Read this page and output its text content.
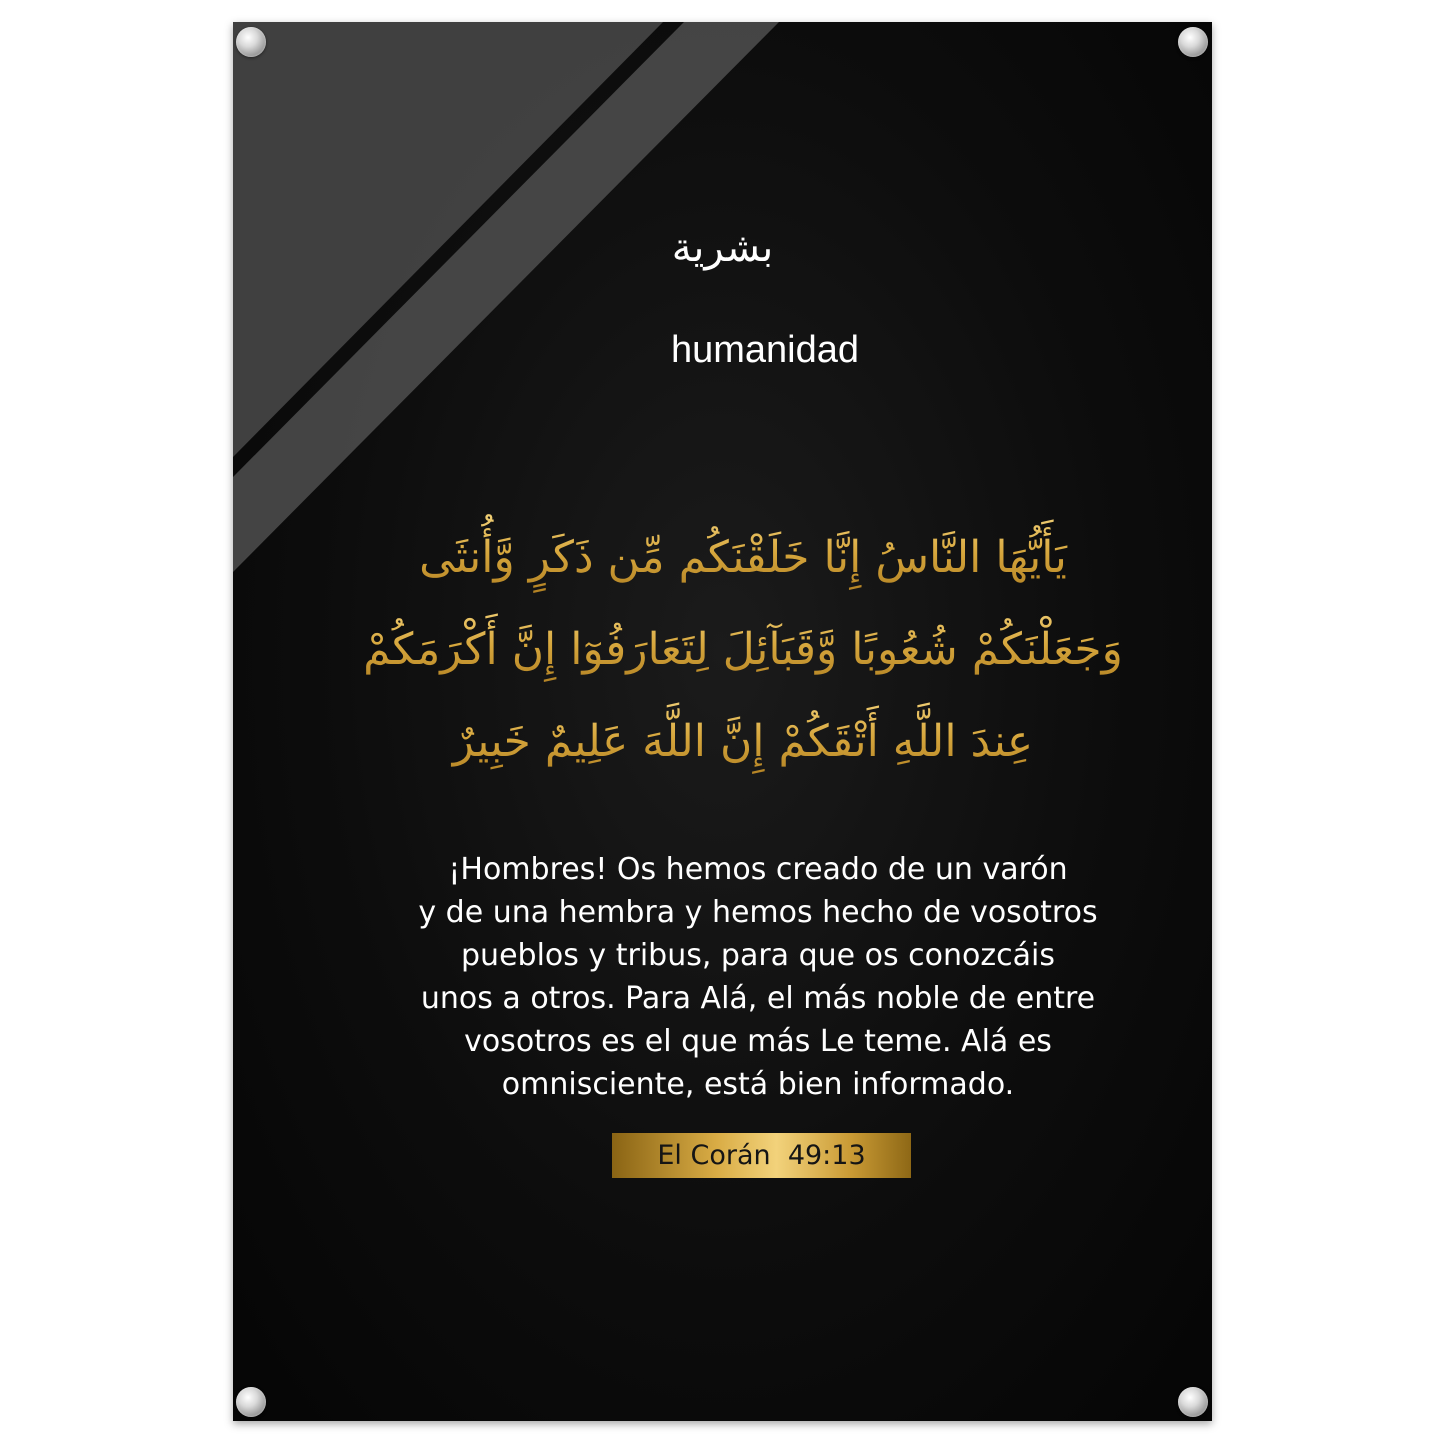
بشرية
humanidad
يَأَيُّهَا النَّاسُ إِنَّا خَلَقْنَكُم مِّن ذَكَرٍ وَّأُنثَى
وَجَعَلْنَكُمْ شُعُوبًا وَّقَبَآئِلَ لِتَعَارَفُوٓا إِنَّ أَكْرَمَكُمْ
عِندَ اللَّهِ أَتْقَكُمْ إِنَّ اللَّهَ عَلِيمٌ خَبِيرٌ
¡Hombres! Os hemos creado de un varón
y de una hembra y hemos hecho de vosotros
pueblos y tribus, para que os conozcáis
unos a otros. Para Alá, el más noble de entre
vosotros es el que más Le teme. Alá es
omnisciente, está bien informado.
El Corán  49:13
